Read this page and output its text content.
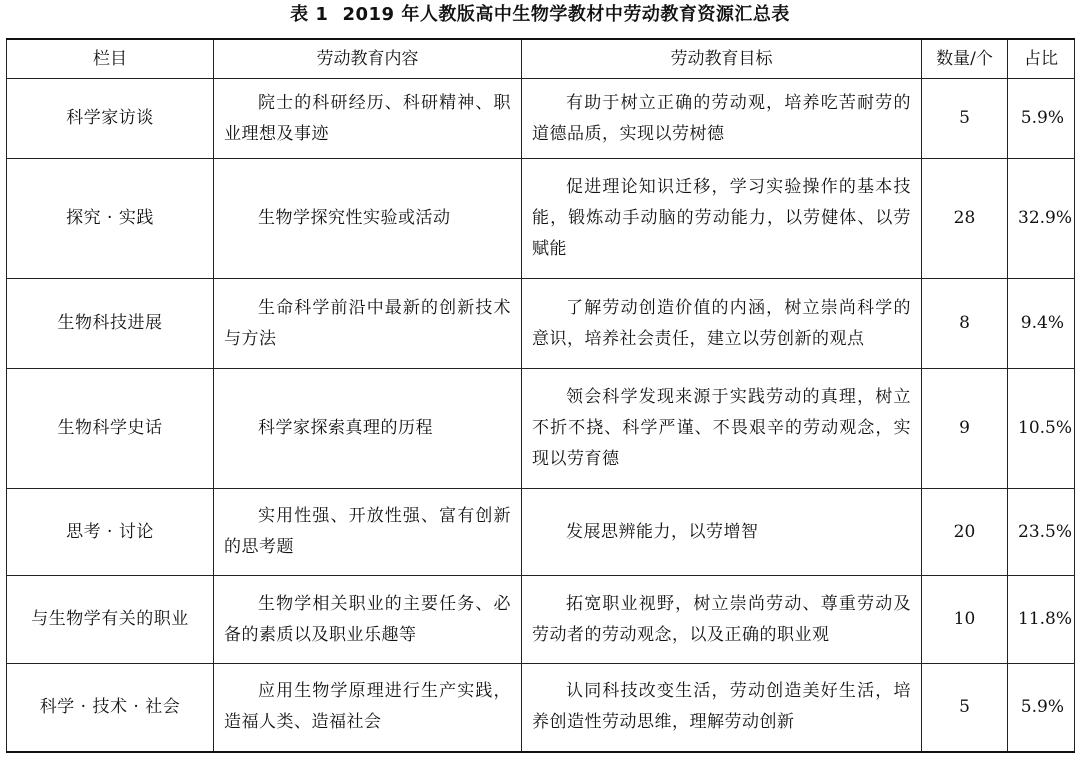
表 1 2019 年人教版高中生物学教材中劳动教育资源汇总表
栏目	劳动教育内容	劳动教育目标	数量/个	占比
科学家访谈	院士的科研经历、科研精神、职业理想及事迹	有助于树立正确的劳动观，培养吃苦耐劳的道德品质，实现以劳树德	5	5.9%
探究 · 实践	生物学探究性实验或活动	促进理论知识迁移，学习实验操作的基本技能，锻炼动手动脑的劳动能力，以劳健体、以劳赋能	28	32.9%
生物科技进展	生命科学前沿中最新的创新技术与方法	了解劳动创造价值的内涵，树立崇尚科学的意识，培养社会责任，建立以劳创新的观点	8	9.4%
生物科学史话	科学家探索真理的历程	领会科学发现来源于实践劳动的真理，树立不折不挠、科学严谨、不畏艰辛的劳动观念，实现以劳育德	9	10.5%
思考 · 讨论	实用性强、开放性强、富有创新的思考题	发展思辨能力，以劳增智	20	23.5%
与生物学有关的职业	生物学相关职业的主要任务、必备的素质以及职业乐趣等	拓宽职业视野，树立崇尚劳动、尊重劳动及劳动者的劳动观念，以及正确的职业观	10	11.8%
科学 · 技术 · 社会	应用生物学原理进行生产实践，造福人类、造福社会	认同科技改变生活，劳动创造美好生活，培养创造性劳动思维，理解劳动创新	5	5.9%
